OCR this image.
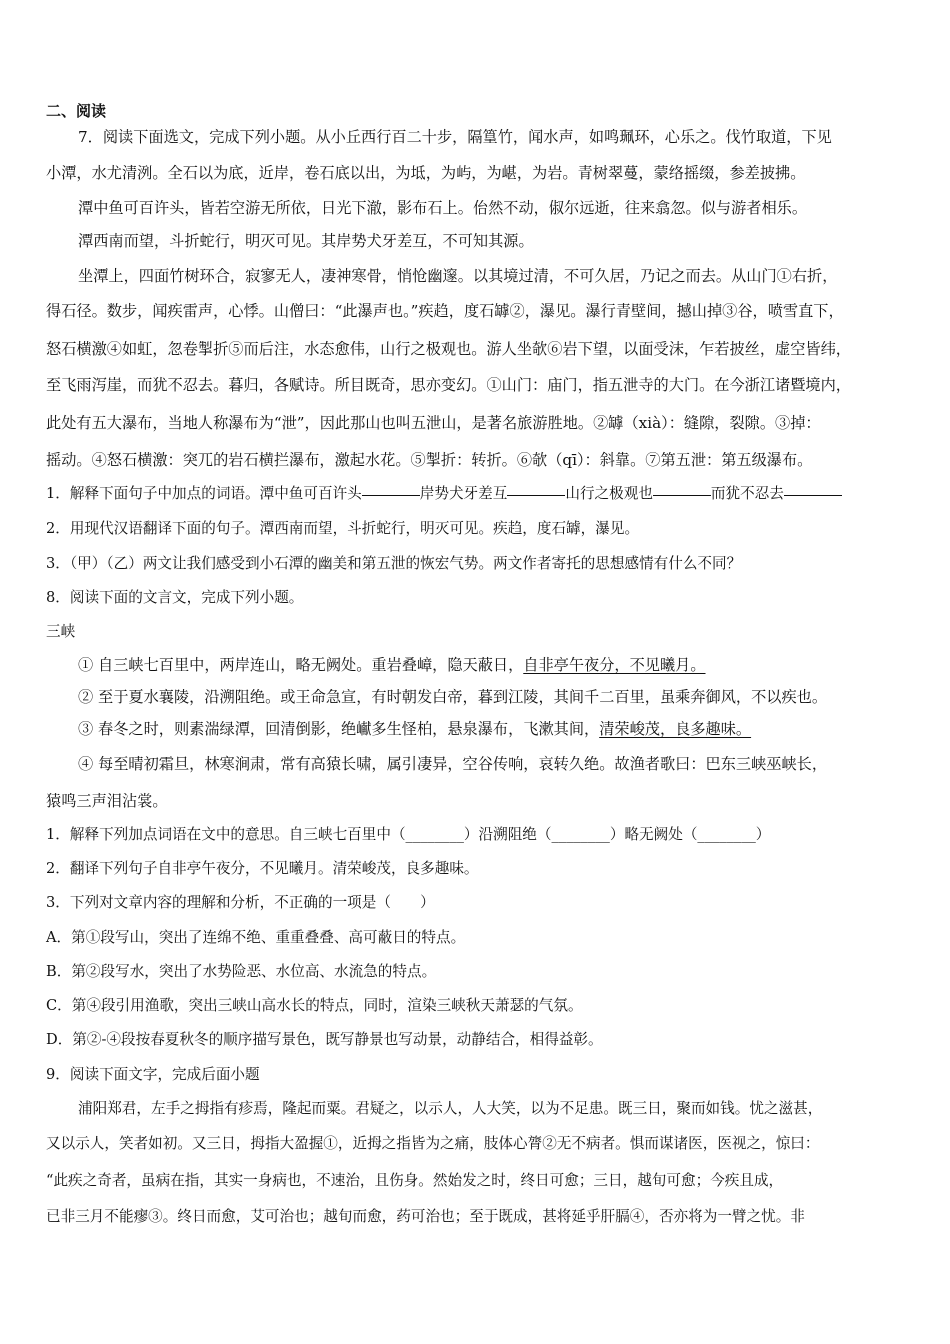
二、阅读
7．阅读下面选文，完成下列小题。从小丘西行百二十步，隔篁竹，闻水声，如鸣珮环，心乐之。伐竹取道，下见
小潭，水尤清洌。全石以为底，近岸，卷石底以出，为坻，为屿，为嵁，为岩。青树翠蔓，蒙络摇缀，参差披拂。
潭中鱼可百许头，皆若空游无所依，日光下澈，影布石上。佁然不动，俶尔远逝，往来翕忽。似与游者相乐。
潭西南而望，斗折蛇行，明灭可见。其岸势犬牙差互，不可知其源。
坐潭上，四面竹树环合，寂寥无人，凄神寒骨，悄怆幽邃。以其境过清，不可久居，乃记之而去。从山门①右折，
得石径。数步，闻疾雷声，心悸。山僧曰：“此瀑声也。”疾趋，度石罅②，瀑见。瀑行青壁间，撼山掉③谷，喷雪直下，
怒石横激④如虹，忽卷掣折⑤而后注，水态愈伟，山行之极观也。游人坐欹⑥岩下望，以面受沫，乍若披丝，虚空皆纬，
至飞雨泻崖，而犹不忍去。暮归，各赋诗。所目既奇，思亦变幻。①山门：庙门，指五泄寺的大门。在今浙江诸暨境内，
此处有五大瀑布，当地人称瀑布为“泄”，因此那山也叫五泄山，是著名旅游胜地。②罅（xià）：缝隙，裂隙。③掉：
摇动。④怒石横激：突兀的岩石横拦瀑布，激起水花。⑤掣折：转折。⑥欹（qī）：斜靠。⑦第五泄：第五级瀑布。
1．解释下面句子中加点的词语。潭中鱼可百许头	岸势犬牙差互	山行之极观也	而犹不忍去
2．用现代汉语翻译下面的句子。潭西南而望，斗折蛇行，明灭可见。疾趋，度石罅，瀑见。
3．（甲）（乙）两文让我们感受到小石潭的幽美和第五泄的恢宏气势。两文作者寄托的思想感情有什么不同？
8．阅读下面的文言文，完成下列小题。
三峡
① 自三峡七百里中，两岸连山，略无阙处。重岩叠嶂，隐天蔽日，自非亭午夜分，不见曦月。
② 至于夏水襄陵，沿溯阻绝。或王命急宣，有时朝发白帝，暮到江陵，其间千二百里，虽乘奔御风，不以疾也。
③ 春冬之时，则素湍绿潭，回清倒影，绝𪩘多生怪柏，悬泉瀑布，飞漱其间，清荣峻茂，良多趣味。
④ 每至晴初霜旦，林寒涧肃，常有高猿长啸，属引凄异，空谷传响，哀转久绝。故渔者歌曰：巴东三峡巫峡长，
猿鸣三声泪沾裳。
1．解释下列加点词语在文中的意思。自三峡七百里中（________）沿溯阻绝（________）略无阙处（________）
2．翻译下列句子自非亭午夜分，不见曦月。清荣峻茂，良多趣味。
3．下列对文章内容的理解和分析，不正确的一项是（　　）
A．第①段写山，突出了连绵不绝、重重叠叠、高可蔽日的特点。
B．第②段写水，突出了水势险恶、水位高、水流急的特点。
C．第④段引用渔歌，突出三峡山高水长的特点，同时，渲染三峡秋天萧瑟的气氛。
D．第②-④段按春夏秋冬的顺序描写景色，既写静景也写动景，动静结合，相得益彰。
9．阅读下面文字，完成后面小题
浦阳郑君，左手之拇指有疹焉，隆起而粟。君疑之，以示人，人大笑，以为不足患。既三日，聚而如钱。忧之滋甚，
又以示人，笑者如初。又三日，拇指大盈握①，近拇之指皆为之痛，肢体心膂②无不病者。惧而谋诸医，医视之，惊曰：
“此疾之奇者，虽病在指，其实一身病也，不速治，且伤身。然始发之时，终日可愈；三日，越旬可愈；今疾且成，
已非三月不能瘳③。终日而愈，艾可治也；越旬而愈，药可治也；至于既成，甚将延乎肝膈④，否亦将为一臂之忧。非
